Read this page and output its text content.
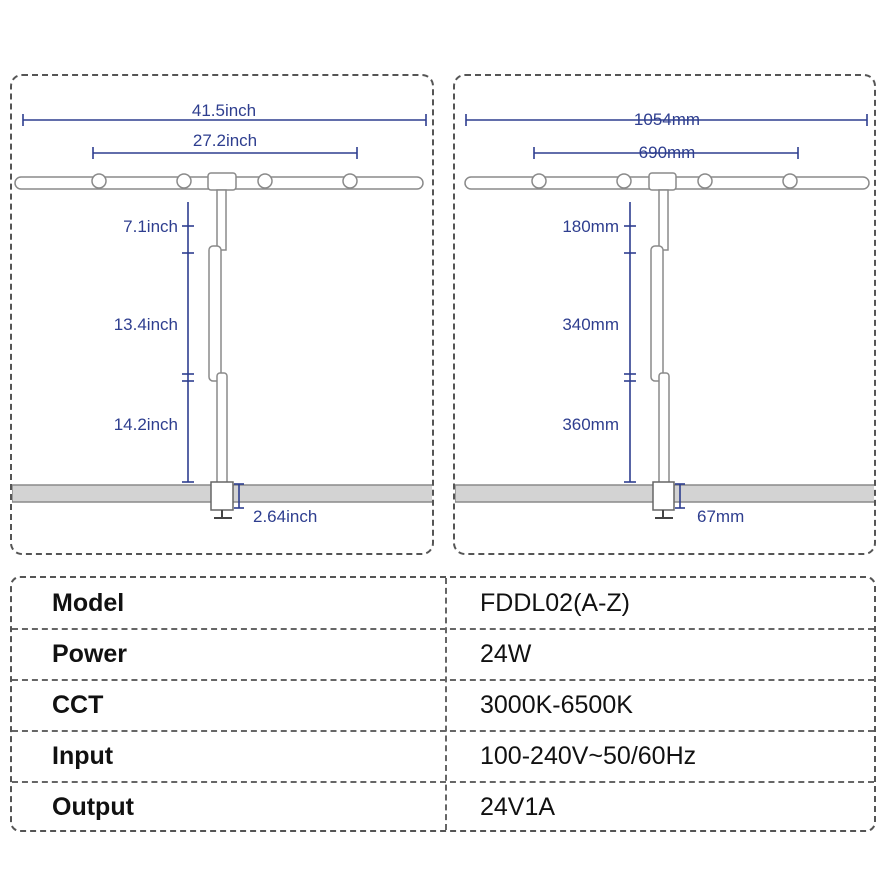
41.5inch
27.2inch
7.1inch
13.4inch
14.2inch
2.64inch
1054mm
690mm
180mm
340mm
360mm
67mm
Model	FDDL02(A-Z)
Power	24W
CCT	3000K-6500K
Input	100-240V~50/60Hz
Output	24V1A
